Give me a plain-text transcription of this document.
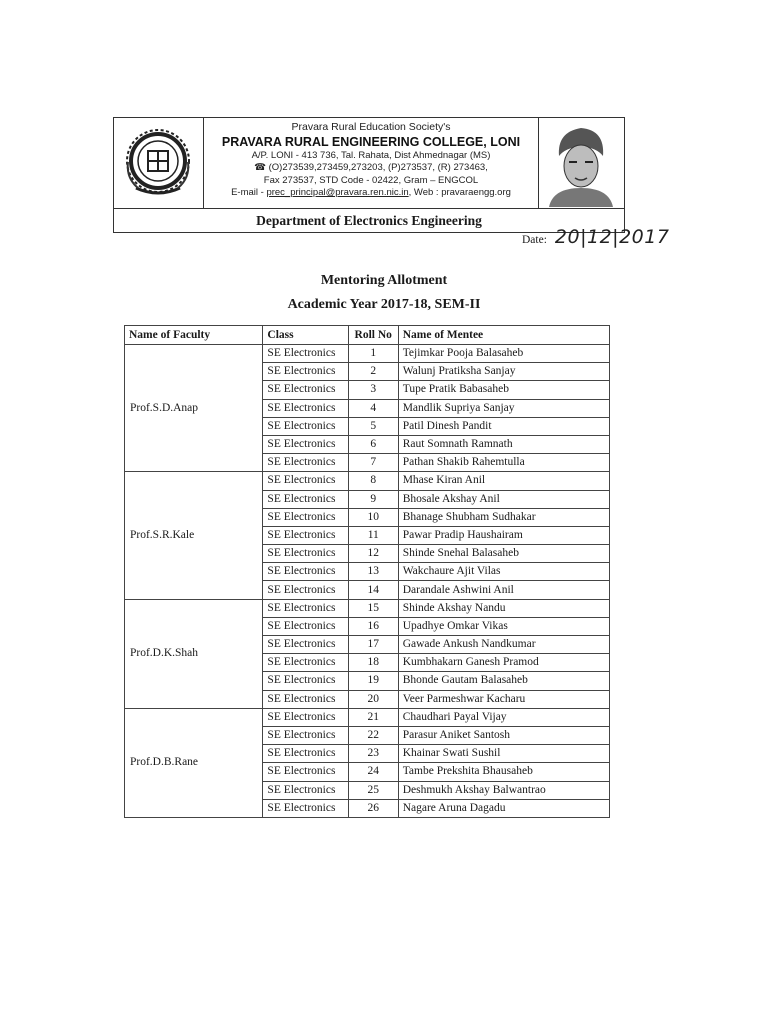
Pravara Rural Education Society's
PRAVARA RURAL ENGINEERING COLLEGE, LONI
A/P. LONI - 413 736, Tal. Rahata, Dist Ahmednagar (MS)
☎ (O)273539,273459,273203, (P)273537, (R) 273463,
Fax 273537, STD Code - 02422, Gram – ENGCOL
E-mail - prec_principal@pravara.ren.nic.in, Web : pravaraengg.org
Department of Electronics Engineering
Date: 20|12|2017
Mentoring Allotment
Academic Year 2017-18, SEM-II
Name of Faculty	Class	Roll No	Name of Mentee
Prof.S.D.Anap	SE Electronics	1	Tejimkar Pooja Balasaheb
	SE Electronics	2	Walunj Pratiksha Sanjay
	SE Electronics	3	Tupe Pratik Babasaheb
	SE Electronics	4	Mandlik Supriya Sanjay
	SE Electronics	5	Patil Dinesh Pandit
	SE Electronics	6	Raut Somnath Ramnath
	SE Electronics	7	Pathan Shakib Rahemtulla
Prof.S.R.Kale	SE Electronics	8	Mhase Kiran Anil
	SE Electronics	9	Bhosale Akshay Anil
	SE Electronics	10	Bhanage Shubham Sudhakar
	SE Electronics	11	Pawar Pradip Haushairam
	SE Electronics	12	Shinde Snehal Balasaheb
	SE Electronics	13	Wakchaure Ajit Vilas
	SE Electronics	14	Darandale Ashwini Anil
Prof.D.K.Shah	SE Electronics	15	Shinde Akshay Nandu
	SE Electronics	16	Upadhye Omkar Vikas
	SE Electronics	17	Gawade Ankush Nandkumar
	SE Electronics	18	Kumbhakarn Ganesh Pramod
	SE Electronics	19	Bhonde Gautam Balasaheb
	SE Electronics	20	Veer Parmeshwar Kacharu
Prof.D.B.Rane	SE Electronics	21	Chaudhari Payal Vijay
	SE Electronics	22	Parasur Aniket Santosh
	SE Electronics	23	Khainar Swati Sushil
	SE Electronics	24	Tambe Prekshita Bhausaheb
	SE Electronics	25	Deshmukh Akshay Balwantrao
	SE Electronics	26	Nagare Aruna Dagadu
